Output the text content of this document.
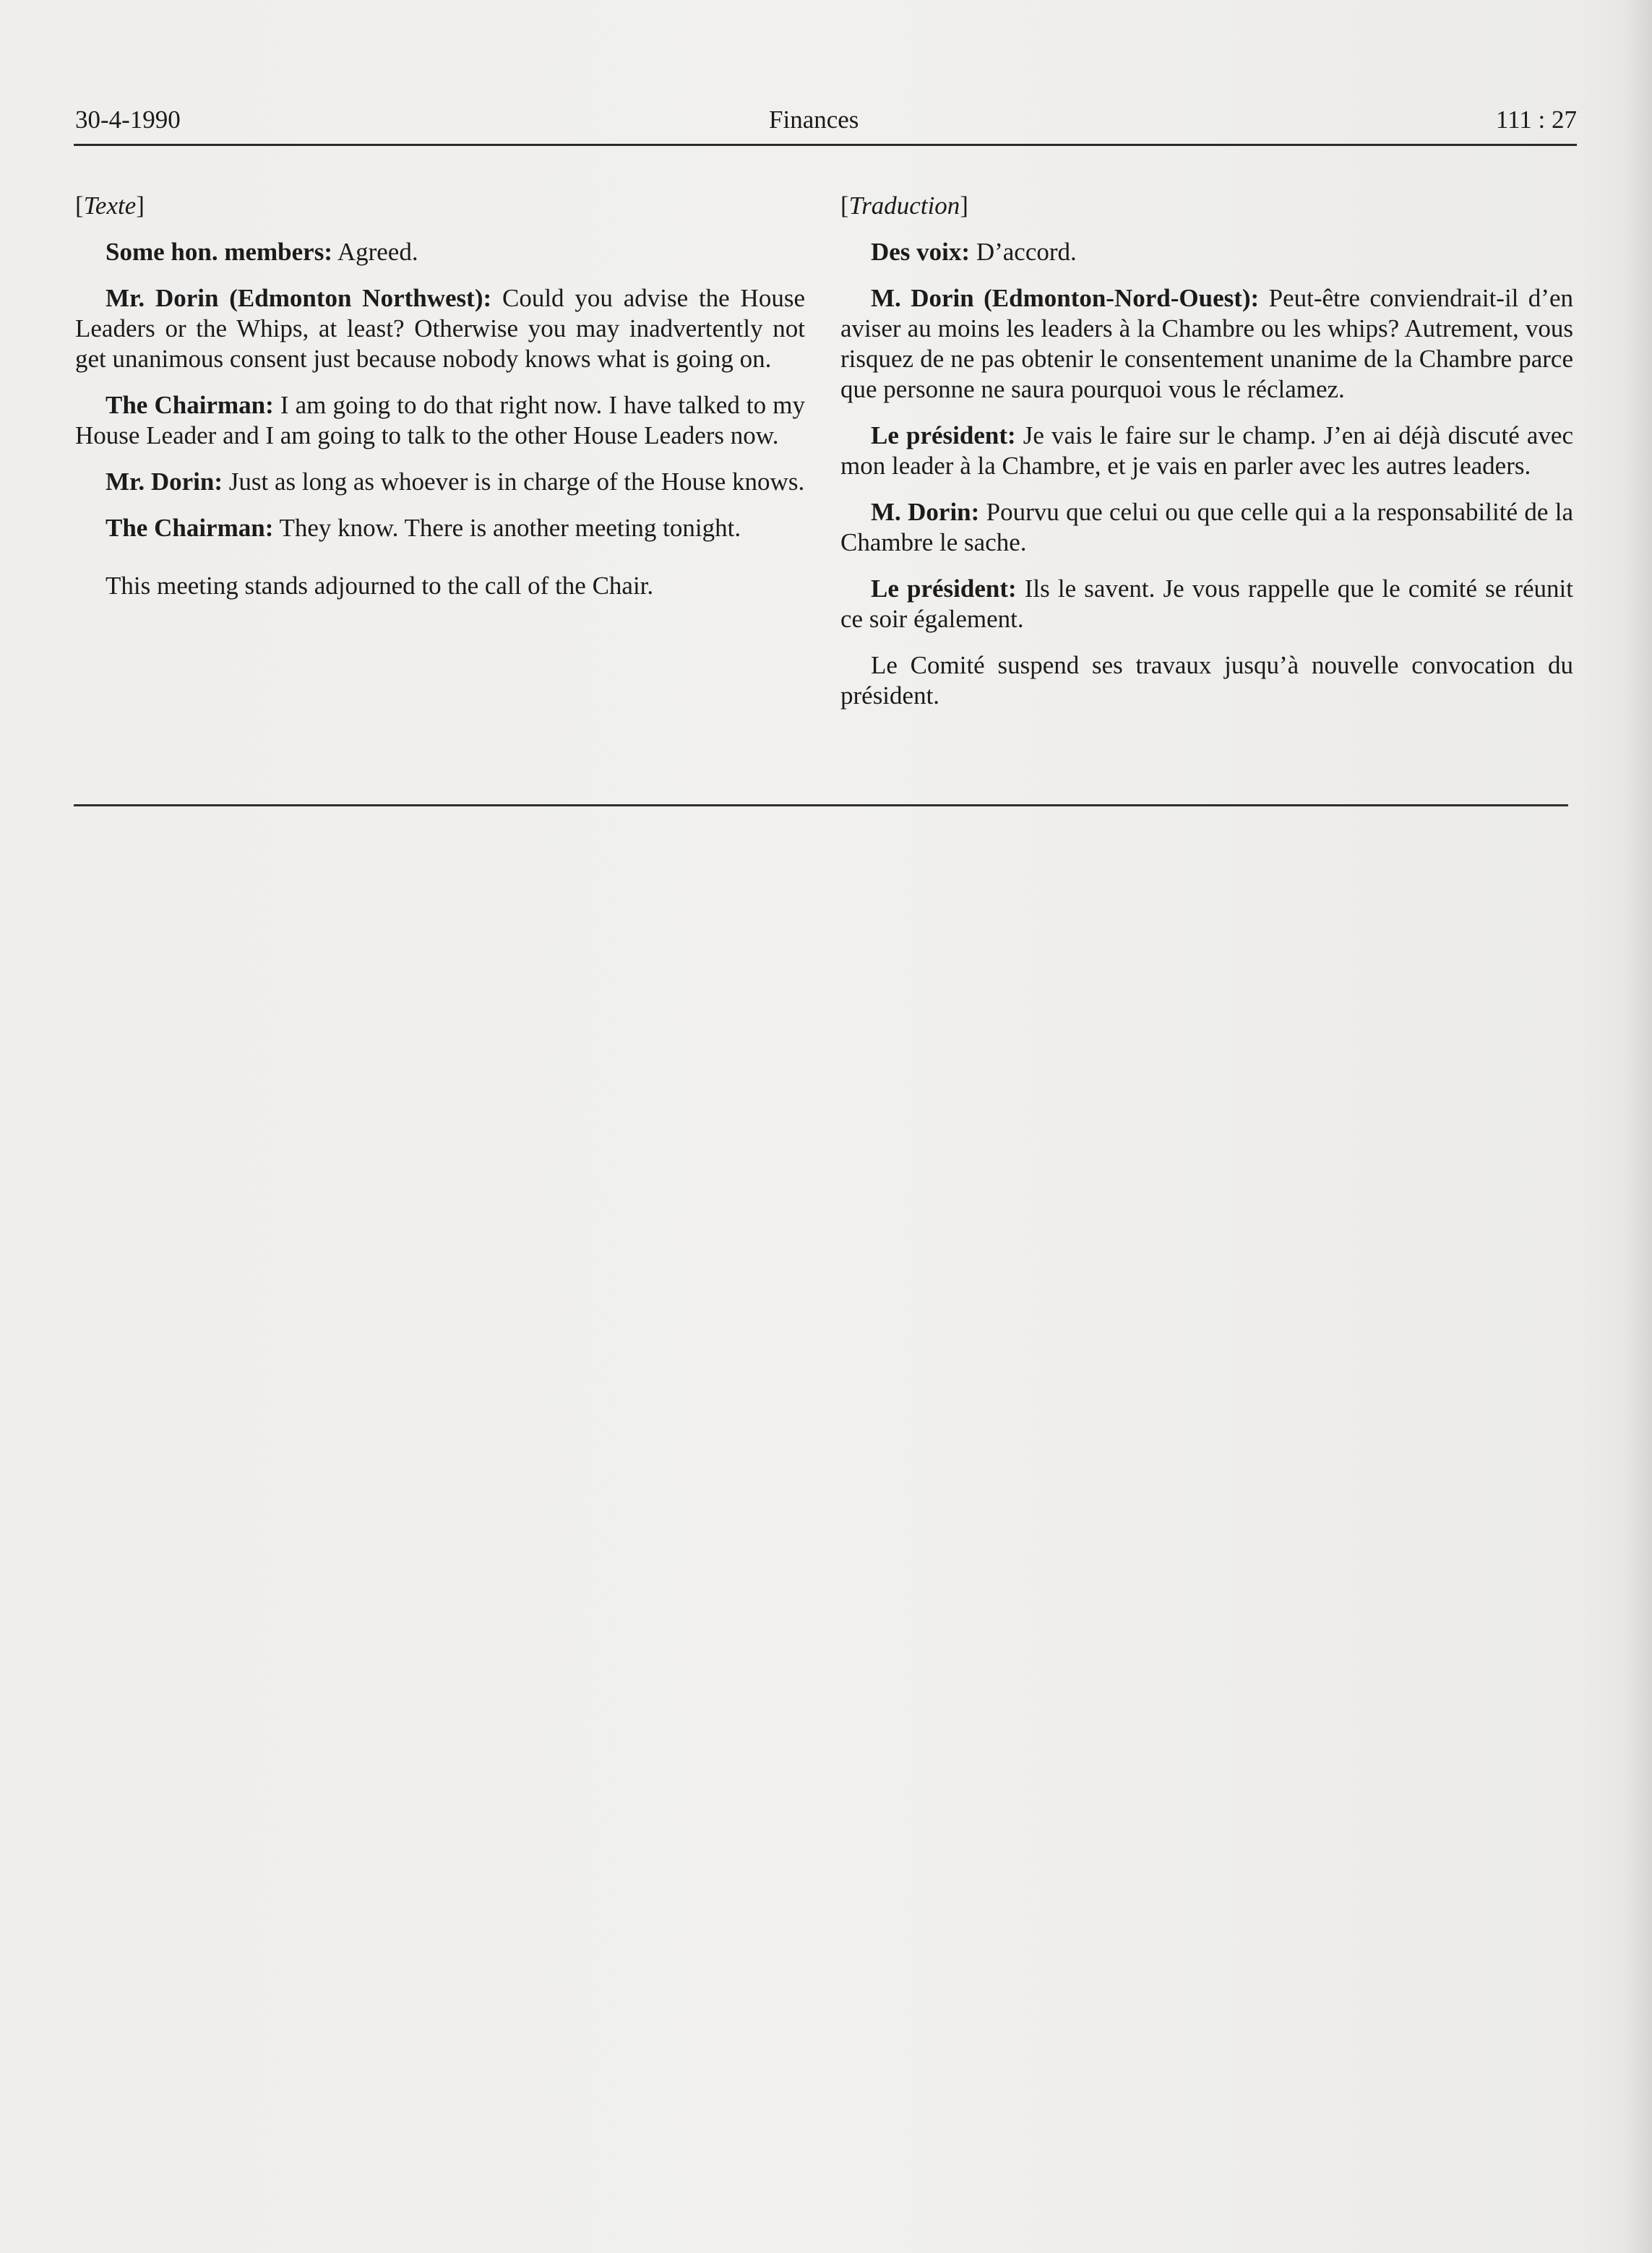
30-4-1990	Finances	111 : 27
[Texte]

Some hon. members: Agreed.

Mr. Dorin (Edmonton Northwest): Could you advise the House Leaders or the Whips, at least? Otherwise you may inadvertently not get unanimous consent just because nobody knows what is going on.

The Chairman: I am going to do that right now. I have talked to my House Leader and I am going to talk to the other House Leaders now.

Mr. Dorin: Just as long as whoever is in charge of the House knows.

The Chairman: They know. There is another meeting tonight.

This meeting stands adjourned to the call of the Chair.

[Traduction]

Des voix: D’accord.

M. Dorin (Edmonton-Nord-Ouest): Peut-être conviendrait-il d’en aviser au moins les leaders à la Chambre ou les whips? Autrement, vous risquez de ne pas obtenir le consentement unanime de la Chambre parce que personne ne saura pourquoi vous le réclamez.

Le président: Je vais le faire sur le champ. J’en ai déjà discuté avec mon leader à la Chambre, et je vais en parler avec les autres leaders.

M. Dorin: Pourvu que celui ou que celle qui a la responsabilité de la Chambre le sache.

Le président: Ils le savent. Je vous rappelle que le comité se réunit ce soir également.

Le Comité suspend ses travaux jusqu’à nouvelle convocation du président.
